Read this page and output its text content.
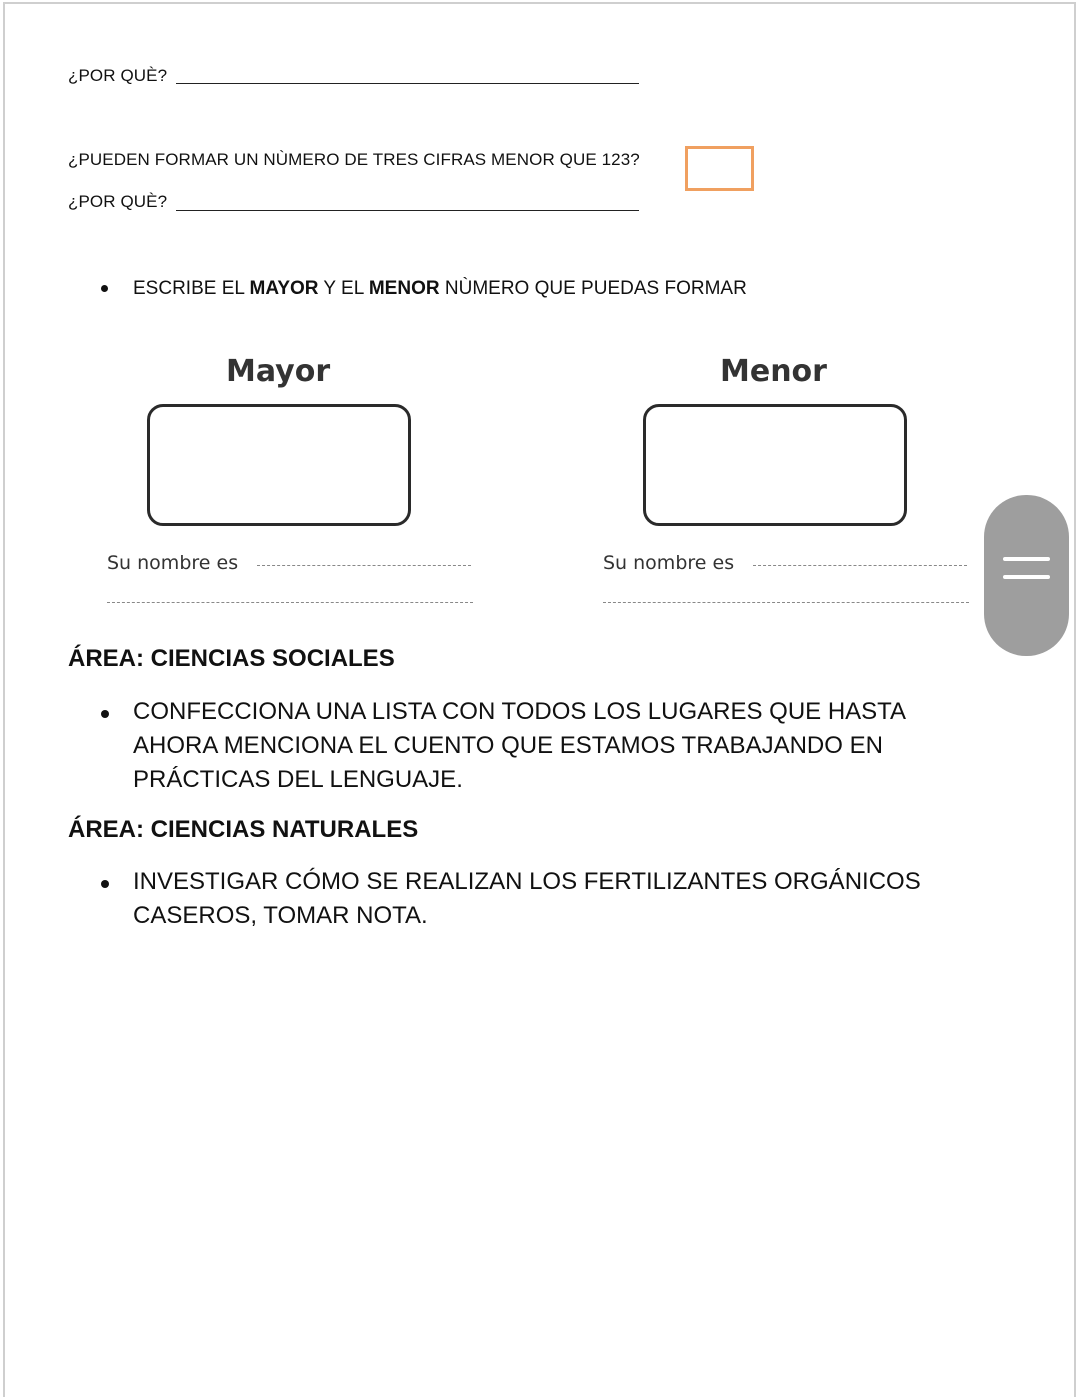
¿POR QUÈ?
¿PUEDEN FORMAR UN NÙMERO DE TRES CIFRAS MENOR QUE 123?
¿POR QUÈ?
ESCRIBE EL MAYOR Y EL MENOR NÙMERO QUE PUEDAS FORMAR
Mayor
Su nombre es
Menor
Su nombre es
ÁREA: CIENCIAS SOCIALES
CONFECCIONA UNA LISTA CON TODOS LOS LUGARES QUE HASTA AHORA MENCIONA EL CUENTO QUE ESTAMOS TRABAJANDO EN PRÁCTICAS DEL LENGUAJE.
ÁREA: CIENCIAS NATURALES
INVESTIGAR CÓMO SE REALIZAN LOS FERTILIZANTES ORGÁNICOS CASEROS, TOMAR NOTA.
